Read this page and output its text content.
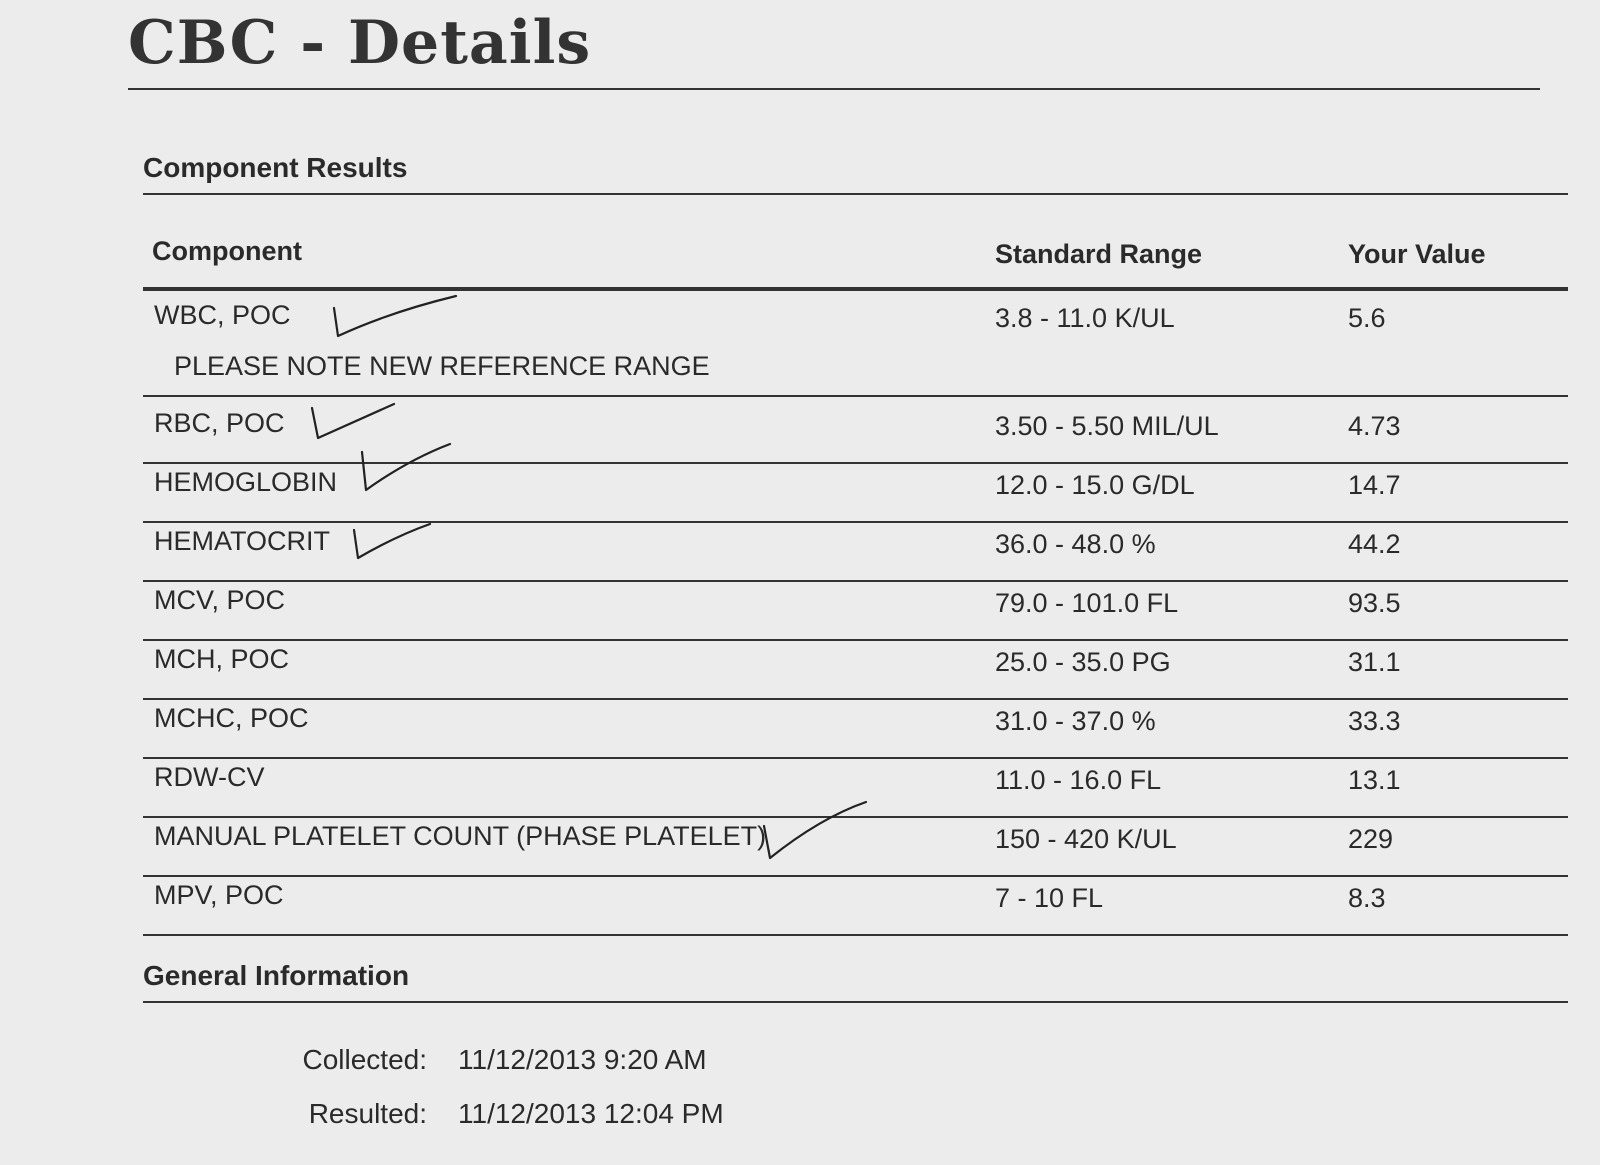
CBC - Details
Component Results
Component	Standard Range	Your Value
WBC, POC	3.8 - 11.0 K/UL	5.6
PLEASE NOTE NEW REFERENCE RANGE
RBC, POC	3.50 - 5.50 MIL/UL	4.73
HEMOGLOBIN	12.0 - 15.0 G/DL	14.7
HEMATOCRIT	36.0 - 48.0 %	44.2
MCV, POC	79.0 - 101.0 FL	93.5
MCH, POC	25.0 - 35.0 PG	31.1
MCHC, POC	31.0 - 37.0 %	33.3
RDW-CV	11.0 - 16.0 FL	13.1
MANUAL PLATELET COUNT (PHASE PLATELET)	150 - 420 K/UL	229
MPV, POC	7 - 10 FL	8.3
General Information
Collected: 11/12/2013 9:20 AM
Resulted: 11/12/2013 12:04 PM
